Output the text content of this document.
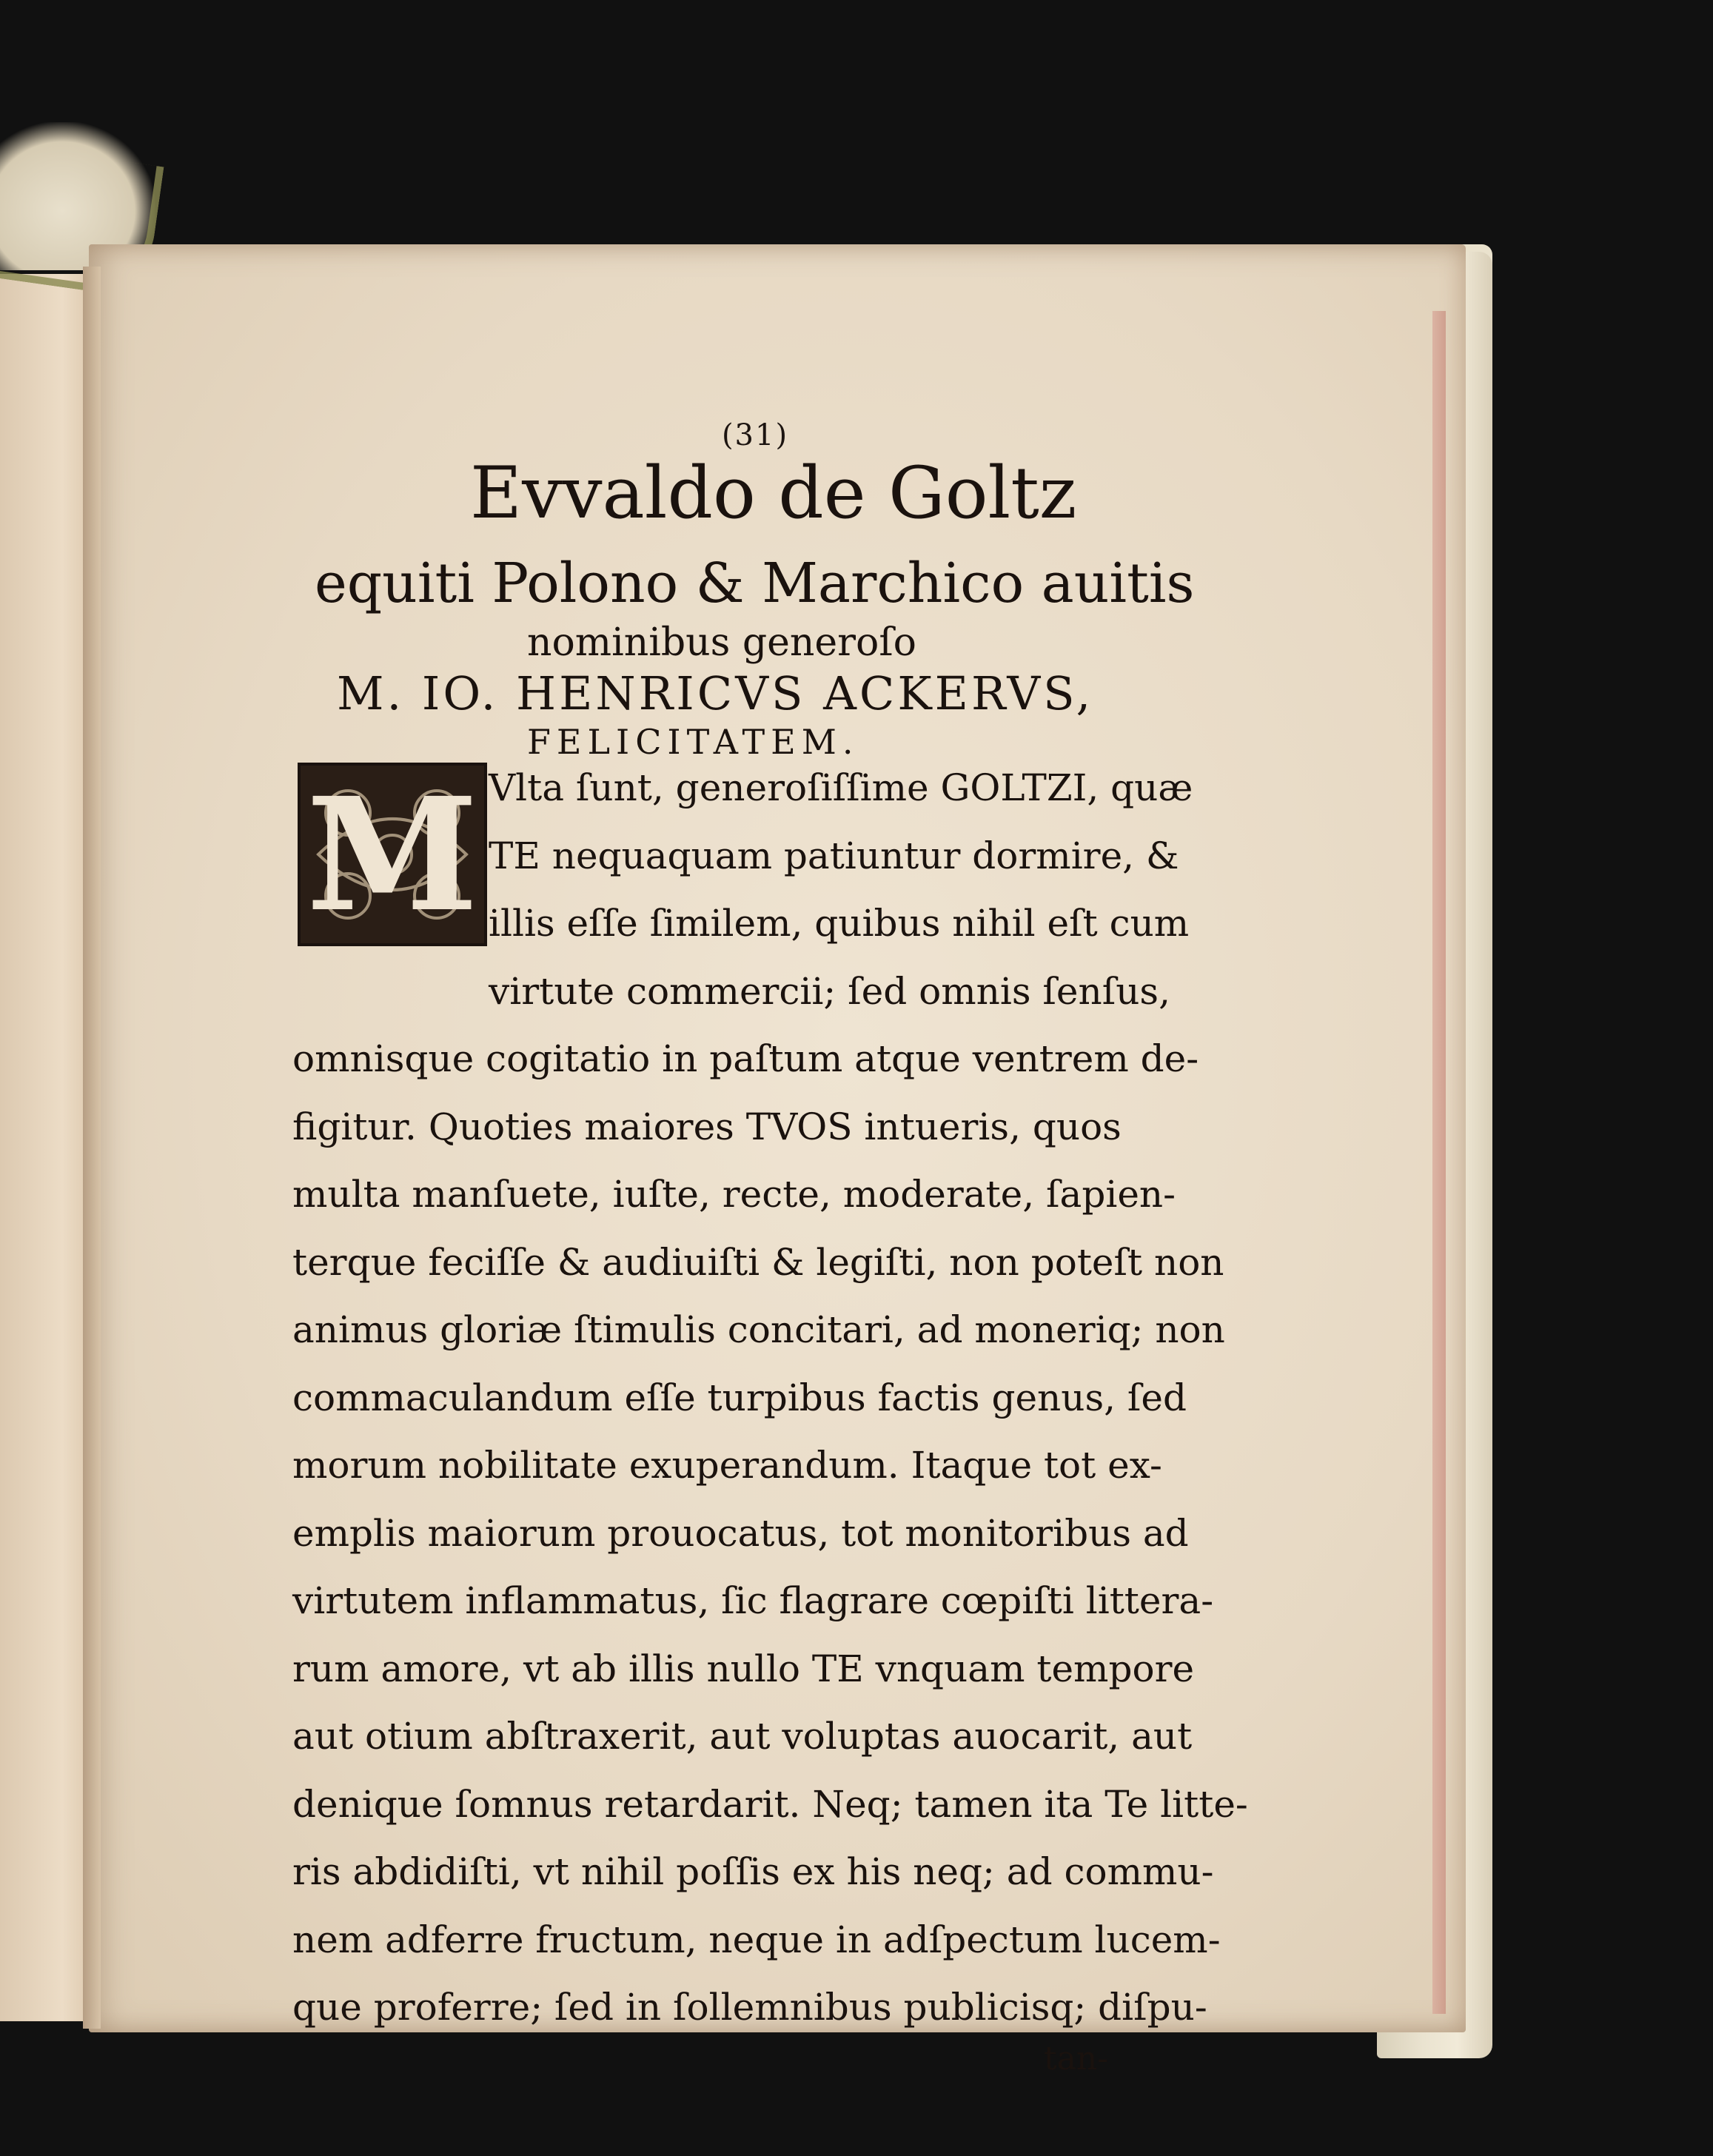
(31)
Evvaldo de Goltz
equiti Polono & Marchico auitis
nominibus generoſo
M. IO. HENRICVS ACKERVS,
FELICITATEM.
M Vlta ſunt, generoſiſſime GOLTZI, quæ
TE nequaquam patiuntur dormire, &
illis eſſe ſimilem, quibus nihil eſt cum
virtute commercii; ſed omnis ſenſus,
omnisque cogitatio in paſtum atque ventrem de-
figitur. Quoties maiores TVOS intueris, quos
multa manſuete, iuſte, recte, moderate, ſapien-
terque feciſſe & audiuiſti & legiſti, non poteſt non
animus gloriæ ſtimulis concitari, ad moneriq; non
commaculandum eſſe turpibus factis genus, ſed
morum nobilitate exuperandum. Itaque tot ex-
emplis maiorum prouocatus, tot monitoribus ad
virtutem inflammatus, ſic flagrare cœpiſti littera-
rum amore, vt ab illis nullo TE vnquam tempore
aut otium abſtraxerit, aut voluptas auocarit, aut
denique ſomnus retardarit. Neq; tamen ita Te litte-
ris abdidiſti, vt nihil poſſis ex his neq; ad commu-
nem adferre fructum, neque in adſpectum lucem-
que proferre; ſed in ſollemnibus publicisq; diſpu-
tan-
